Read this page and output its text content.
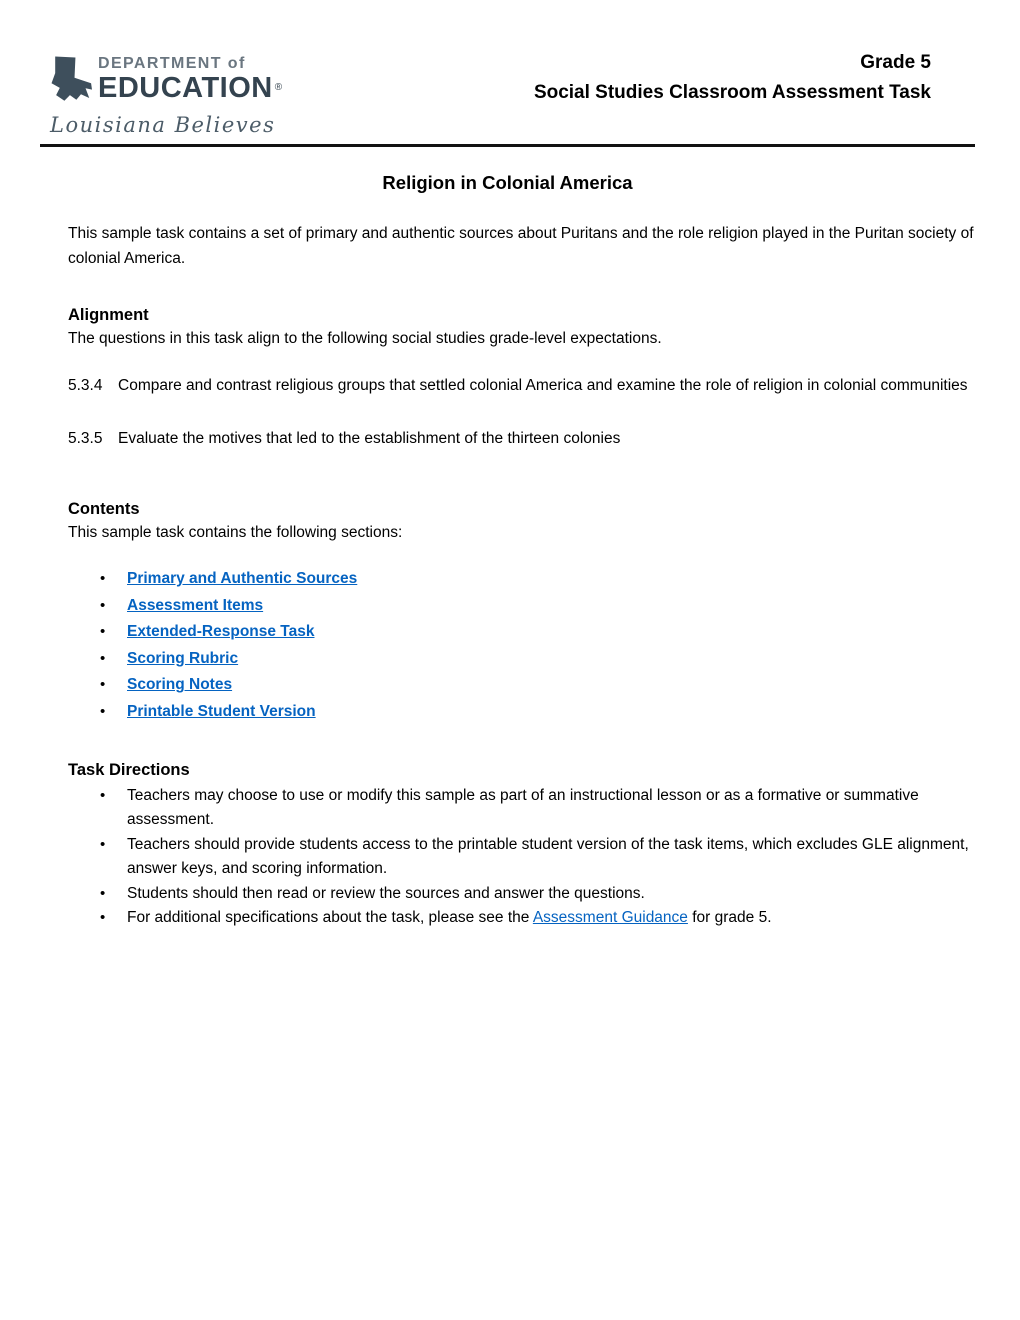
DEPARTMENT of
EDUCATION ®
Louisiana Believes
Grade 5
Social Studies Classroom Assessment Task
Religion in Colonial America

This sample task contains a set of primary and authentic sources about Puritans and the role religion played in the Puritan society of colonial America.

Alignment

The questions in this task align to the following social studies grade-level expectations.

5.3.4	Compare and contrast religious groups that settled colonial America and examine the role of religion in colonial communities
5.3.5	Evaluate the motives that led to the establishment of the thirteen colonies
Contents

This sample task contains the following sections:

• Primary and Authentic Sources
• Assessment Items
• Extended-Response Task
• Scoring Rubric
• Scoring Notes
• Printable Student Version
Task Directions
• Teachers may choose to use or modify this sample as part of an instructional lesson or as a formative or summative assessment.
• Teachers should provide students access to the printable student version of the task items, which excludes GLE alignment, answer keys, and scoring information.
• Students should then read or review the sources and answer the questions.
• For additional specifications about the task, please see the Assessment Guidance for grade 5.
